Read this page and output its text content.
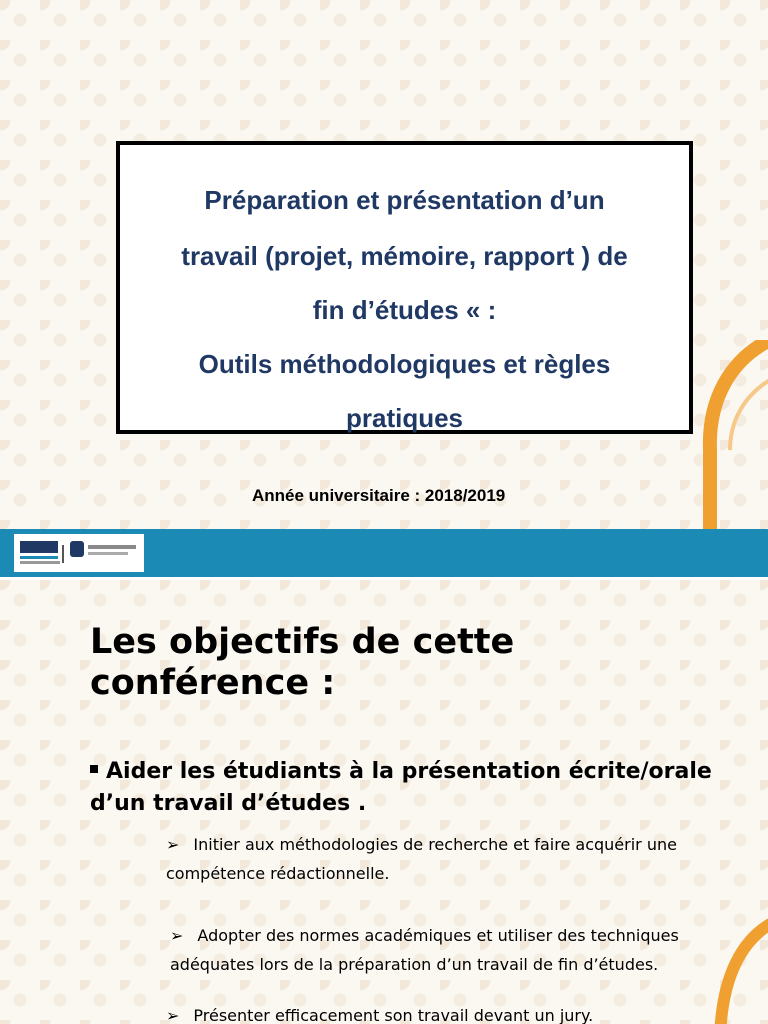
Préparation et présentation d’un
travail (projet, mémoire, rapport ) de
fin d’études « :
Outils méthodologiques et règles
pratiques
Année universitaire : 2018/2019
Les objectifs de cette conférence :
Aider les étudiants à la présentation écrite/orale d’un travail d’études .
➢ Initier aux méthodologies de recherche et faire acquérir une compétence rédactionnelle.
➢ Adopter des normes académiques et utiliser des techniques adéquates lors de la préparation d’un travail de fin d’études.
➢ Présenter efficacement son travail devant un jury.
